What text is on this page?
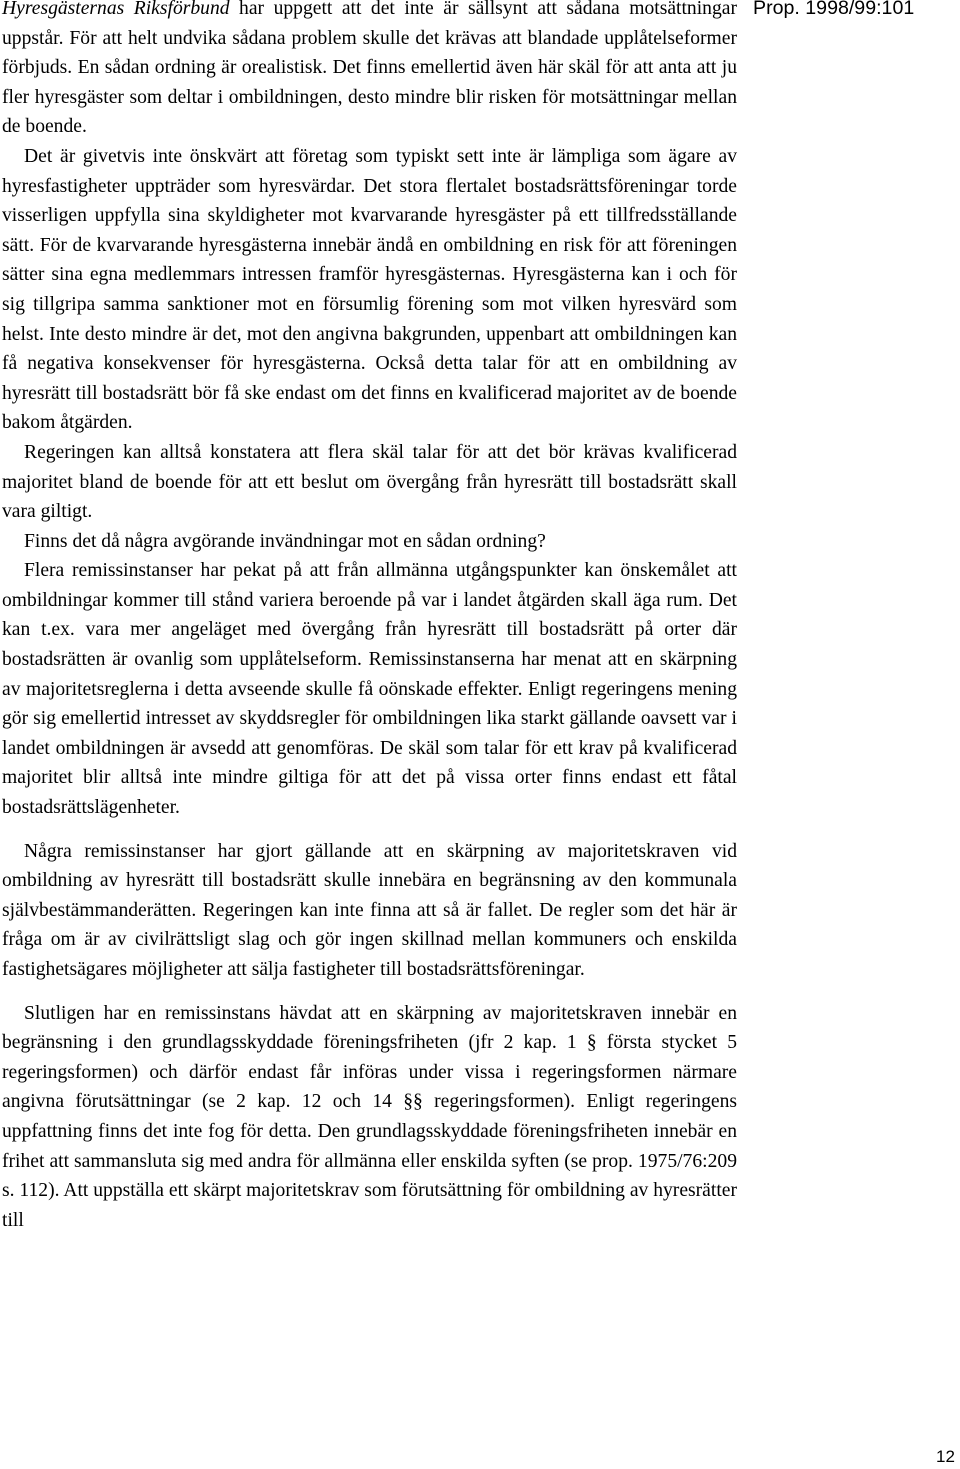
Prop. 1998/99:101

Hyresgästernas Riksförbund har uppgett att det inte är sällsynt att sådana motsättningar uppstår. För att helt undvika sådana problem skulle det krävas att blandade upplåtelseformer förbjuds. En sådan ordning är orealistisk. Det finns emellertid även här skäl för att anta att ju fler hyresgäster som deltar i ombildningen, desto mindre blir risken för motsättningar mellan de boende.

Det är givetvis inte önskvärt att företag som typiskt sett inte är lämpliga som ägare av hyresfastigheter uppträder som hyresvärdar. Det stora flertalet bostadsrättsföreningar torde visserligen uppfylla sina skyldigheter mot kvarvarande hyresgäster på ett tillfredsställande sätt. För de kvarvarande hyresgästerna innebär ändå en ombildning en risk för att föreningen sätter sina egna medlemmars intressen framför hyresgästernas. Hyresgästerna kan i och för sig tillgripa samma sanktioner mot en försumlig förening som mot vilken hyresvärd som helst. Inte desto mindre är det, mot den angivna bakgrunden, uppenbart att ombildningen kan få negativa konsekvenser för hyresgästerna. Också detta talar för att en ombildning av hyresrätt till bostadsrätt bör få ske endast om det finns en kvalificerad majoritet av de boende bakom åtgärden.

Regeringen kan alltså konstatera att flera skäl talar för att det bör krävas kvalificerad majoritet bland de boende för att ett beslut om övergång från hyresrätt till bostadsrätt skall vara giltigt.

Finns det då några avgörande invändningar mot en sådan ordning?

Flera remissinstanser har pekat på att från allmänna utgångspunkter kan önskemålet att ombildningar kommer till stånd variera beroende på var i landet åtgärden skall äga rum. Det kan t.ex. vara mer angeläget med övergång från hyresrätt till bostadsrätt på orter där bostadsrätten är ovanlig som upplåtelseform. Remissinstanserna har menat att en skärpning av majoritetsreglerna i detta avseende skulle få oönskade effekter. Enligt regeringens mening gör sig emellertid intresset av skyddsregler för ombildningen lika starkt gällande oavsett var i landet ombildningen är avsedd att genomföras. De skäl som talar för ett krav på kvalificerad majoritet blir alltså inte mindre giltiga för att det på vissa orter finns endast ett fåtal bostadsrättslägenheter.

Några remissinstanser har gjort gällande att en skärpning av majoritetskraven vid ombildning av hyresrätt till bostadsrätt skulle innebära en begränsning av den kommunala självbestämmanderätten. Regeringen kan inte finna att så är fallet. De regler som det här är fråga om är av civilrättsligt slag och gör ingen skillnad mellan kommuners och enskilda fastighetsägares möjligheter att sälja fastigheter till bostadsrättsföreningar.

Slutligen har en remissinstans hävdat att en skärpning av majoritetskraven innebär en begränsning i den grundlagsskyddade föreningsfriheten (jfr 2 kap. 1 § första stycket 5 regeringsformen) och därför endast får införas under vissa i regeringsformen närmare angivna förutsättningar (se 2 kap. 12 och 14 §§ regeringsformen). Enligt regeringens uppfattning finns det inte fog för detta. Den grundlagsskyddade föreningsfriheten innebär en frihet att sammansluta sig med andra för allmänna eller enskilda syften (se prop. 1975/76:209 s. 112). Att uppställa ett skärpt majoritetskrav som förutsättning för ombildning av hyresrätter till

12
